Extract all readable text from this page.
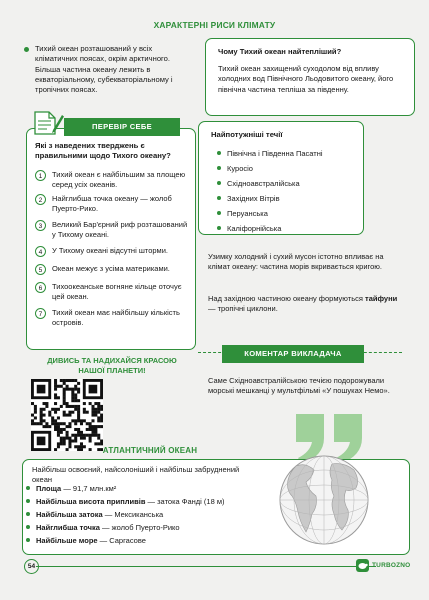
ХАРАКТЕРНІ РИСИ КЛІМАТУ
Тихий океан розташований у всіх кліматичних поясах, окрім арктичного. Більша частина океану лежить в екваторіальному, субекваторіальному і тропічних поясах.
Чому Тихий океан найтепліший?
Тихий океан захищений суходолом від впливу холодних вод Північного Льодовитого океану, його північна частина тепліша за південну.
ПЕРЕВІР СЕБЕ
Які з наведених тверджень є правильними щодо Тихого океану?
1	Тихий океан є найбільшим за площею серед усіх океанів.
2	Найглибша точка океану — жолоб Пуерто-Рико.
3	Великий Бар'єрний риф розташований у Тихому океані.
4	У Тихому океані відсутні шторми.
5	Океан межує з усіма материками.
6	Тихоокеанське вогняне кільце оточує цей океан.
7	Тихий океан має найбільшу кількість островів.
Найпотужніші течії
Північна і Південна Пасатні
Куросіо
Східноавстралійська
Західних Вітрів
Перуанська
Каліфорнійська
Узимку холодний і сухий мусон істотно впливає на клімат океану: частина морів вкривається кригою.
Над західною частиною океану формуються тайфуни — тропічні циклони.
ДИВИСЬ ТА НАДИХАЙСЯ КРАСОЮ
НАШОЇ ПЛАНЕТИ!
КОМЕНТАР ВИКЛАДАЧА
Саме Східноавстралійською течією подорожували морські мешканці у мультфільмі «У пошуках Немо».
АТЛАНТИЧНИЙ ОКЕАН
Найбільш освоєний, найсолоніший і найбільш забруднений океан
Площа — 91,7 млн.км²
Найбільша висота припливів — затока Фанді (18 м)
Найбільша затока — Мексиканська
Найглибша точка — жолоб Пуерто-Рико
Найбільше море — Саргасове
54	TURBOZNO
